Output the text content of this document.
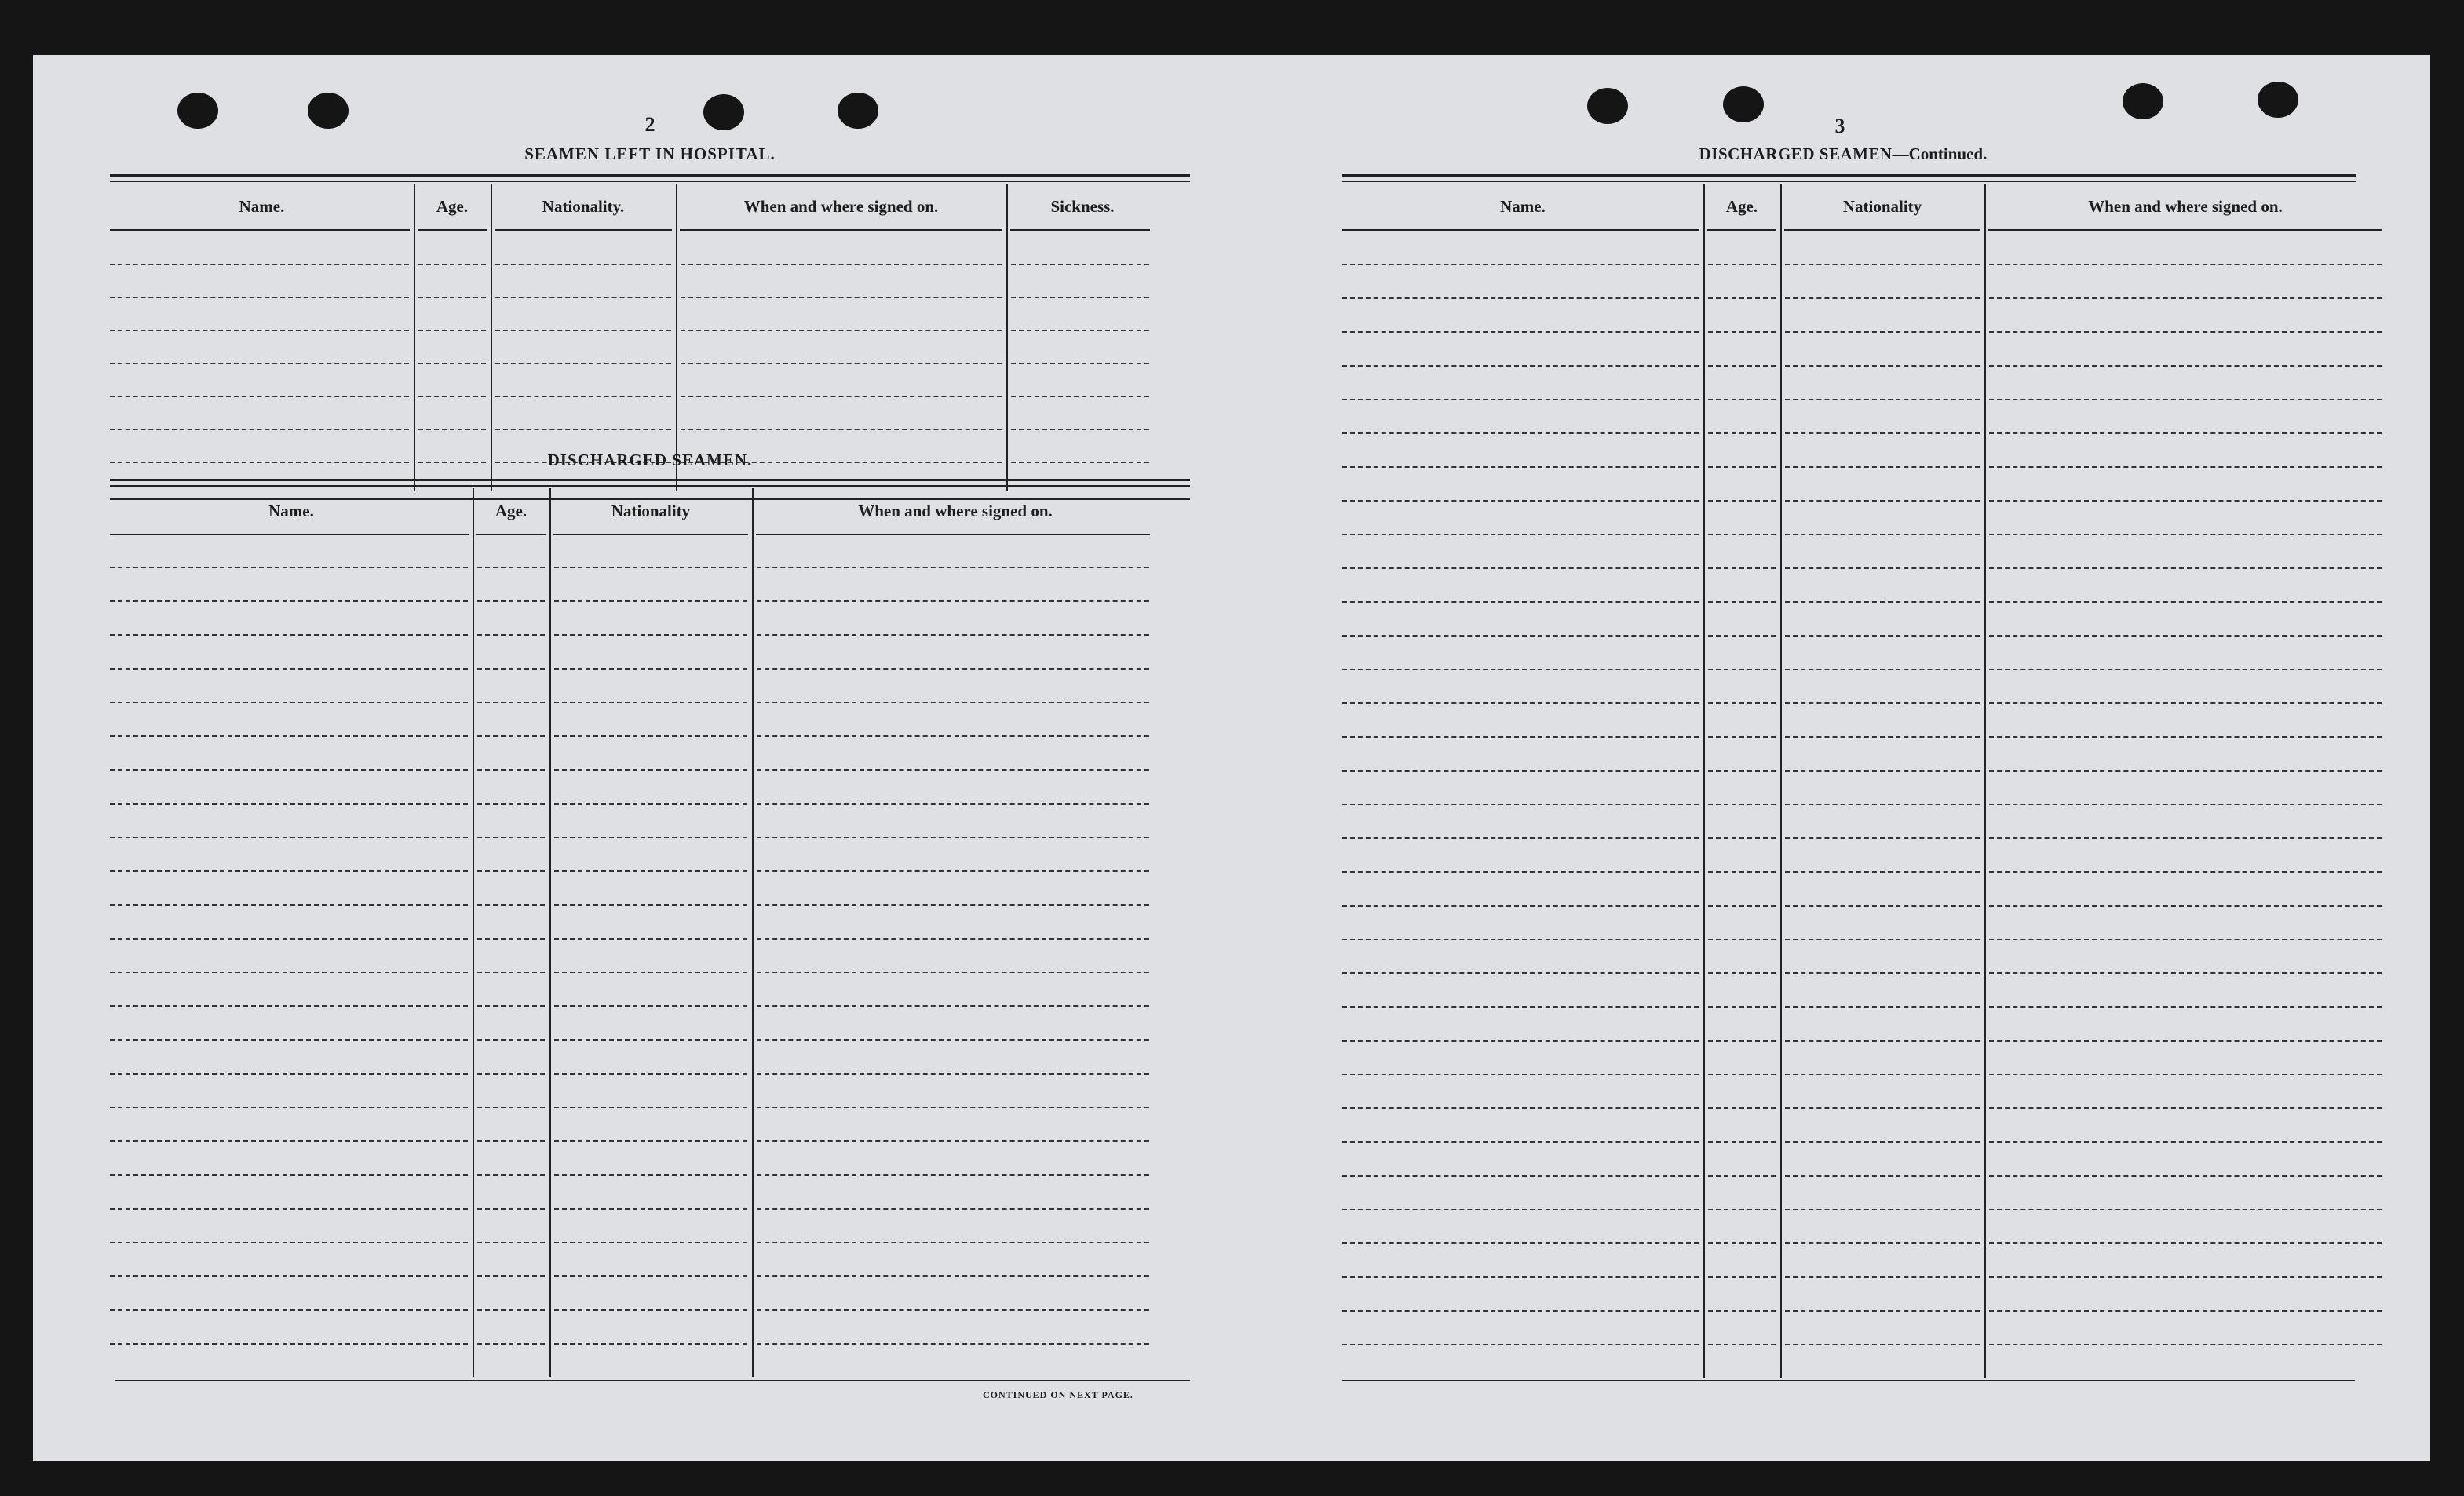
2
SEAMEN LEFT IN HOSPITAL.
Name.	Age.	Nationality.	When and where signed on.	Sickness.
DISCHARGED SEAMEN.
Name.	Age.	Nationality	When and where signed on.
CONTINUED ON NEXT PAGE.
3
DISCHARGED SEAMEN—Continued.
Name.	Age.	Nationality	When and where signed on.
